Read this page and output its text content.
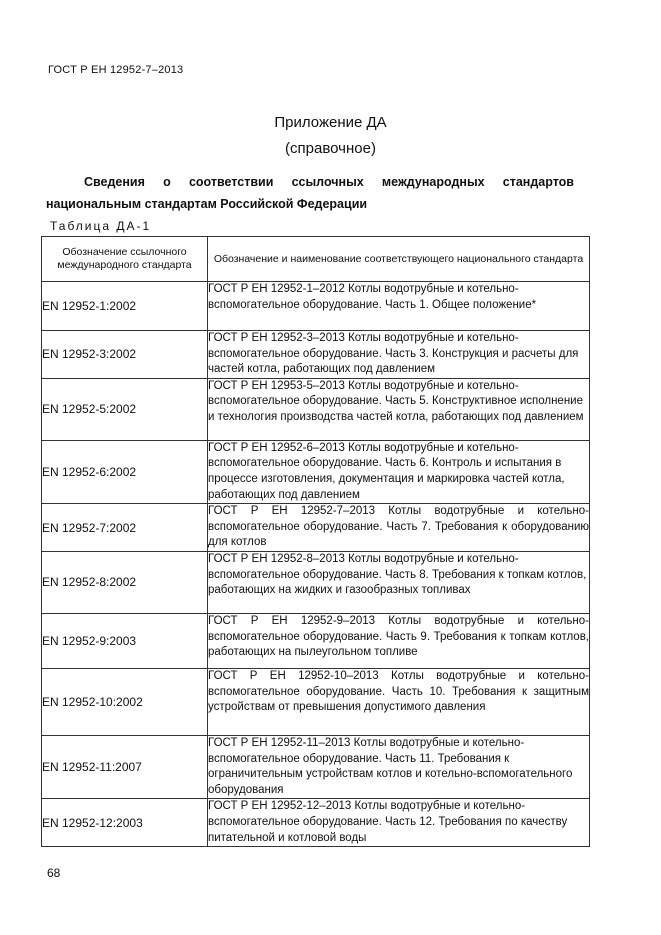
ГОСТ Р ЕН 12952-7–2013
Приложение ДА
(справочное)
Сведения о соответствии ссылочных международных стандартов
национальным стандартам Российской Федерации
Таблица ДА-1
Обозначение ссылочного международного стандарта	Обозначение и наименование соответствующего национального стандарта
EN 12952-1:2002	ГОСТ Р ЕН 12952-1–2012 Котлы водотрубные и котельно-вспомогательное оборудование. Часть 1. Общее положение*
EN 12952-3:2002	ГОСТ Р ЕН 12952-3–2013 Котлы водотрубные и котельно-вспомогательное оборудование. Часть 3. Конструкция и расчеты для частей котла, работающих под давлением
EN 12952-5:2002	ГОСТ Р ЕН 12953-5–2013 Котлы водотрубные и котельно-вспомогательное оборудование. Часть 5. Конструктивное исполнение и технология производства частей котла, работающих под давлением
EN 12952-6:2002	ГОСТ Р ЕН 12952-6–2013 Котлы водотрубные и котельно-вспомогательное оборудование. Часть 6. Контроль и испытания в процессе изготовления, документация и маркировка частей котла, работающих под давлением
EN 12952-7:2002	ГОСТ Р ЕН 12952-7–2013 Котлы водотрубные и котельно-вспомогательное оборудование. Часть 7. Требования к оборудованию для котлов
EN 12952-8:2002	ГОСТ Р ЕН 12952-8–2013 Котлы водотрубные и котельно-вспомогательное оборудование. Часть 8. Требования к топкам котлов, работающих на жидких и газообразных топливах
EN 12952-9:2003	ГОСТ Р ЕН 12952-9–2013 Котлы водотрубные и котельно-вспомогательное оборудование. Часть 9. Требования к топкам котлов, работающих на пылеугольном топливе
EN 12952-10:2002	ГОСТ Р ЕН 12952-10–2013 Котлы водотрубные и котельно-вспомогательное оборудование. Часть 10. Требования к защитным устройствам от превышения допустимого давления
EN 12952-11:2007	ГОСТ Р ЕН 12952-11–2013 Котлы водотрубные и котельно-вспомогательное оборудование. Часть 11. Требования к ограничительным устройствам котлов и котельно-вспомогательного оборудования
EN 12952-12:2003	ГОСТ Р ЕН 12952-12–2013 Котлы водотрубные и котельно-вспомогательное оборудование. Часть 12. Требования по качеству питательной и котловой воды
68
